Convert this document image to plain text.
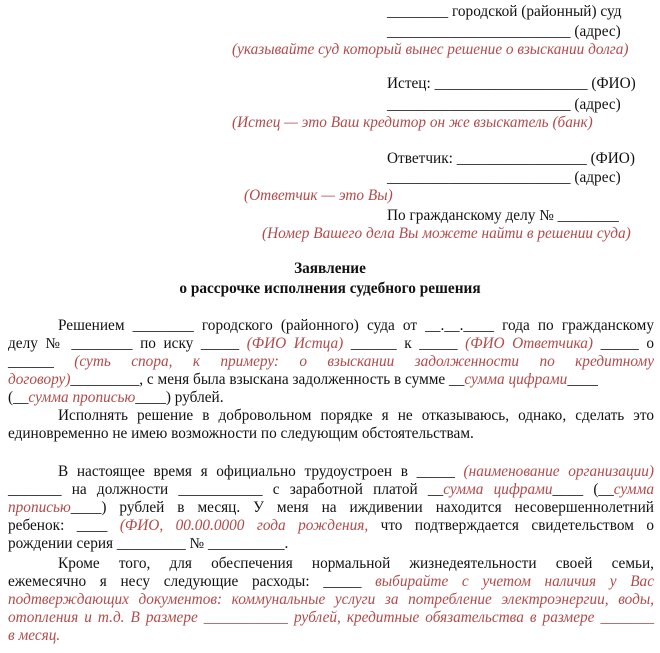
________ городской (районный) суд
________________________ (адрес)
(указывайте суд который вынес решение о взыскании долга)
Истец: ____________________ (ФИО)
________________________ (адрес)
(Истец — это Ваш кредитор он же взыскатель (банк)
Ответчик: _________________ (ФИО)
________________________ (адрес)
(Ответчик — это Вы)
По гражданскому делу № ________
(Номер Вашего дела Вы можете найти в решении суда)
Заявление
о рассрочке исполнения судебного решения
Решением ________ городского (районного) суда от __.__.____ года по гражданскому
делу № ________ по иску _____ (ФИО Истца) ______ к _____ (ФИО Ответчика) _____ о
______ (суть спора, к примеру: о взыскании задолженности по кредитному
договору)_________, с меня была взыскана задолженность в сумме __сумма цифрами____
(__сумма прописью____) рублей.
Исполнять решение в добровольном порядке я не отказываюсь, однако, сделать это
единовременно не имею возможности по следующим обстоятельствам.
В настоящее время я официально трудоустроен в _____ (наименование организации)
_______ на должности ___________ с заработной платой __сумма цифрами____ (__сумма
прописью____) рублей в месяц. У меня на иждивении находится несовершеннолетний
ребенок: ____ (ФИО, 00.00.0000 года рождения, что подтверждается свидетельством о
рождении серия _________ № __________.
Кроме того, для обеспечения нормальной жизнедеятельности своей семьи,
ежемесячно я несу следующие расходы: _____ выбирайте с учетом наличия у Вас
подтверждающих документов: коммунальные услуги за потребление электроэнергии, воды,
отопления и т.д. В размере ___________ рублей, кредитные обязательства в размере _______
в месяц.
